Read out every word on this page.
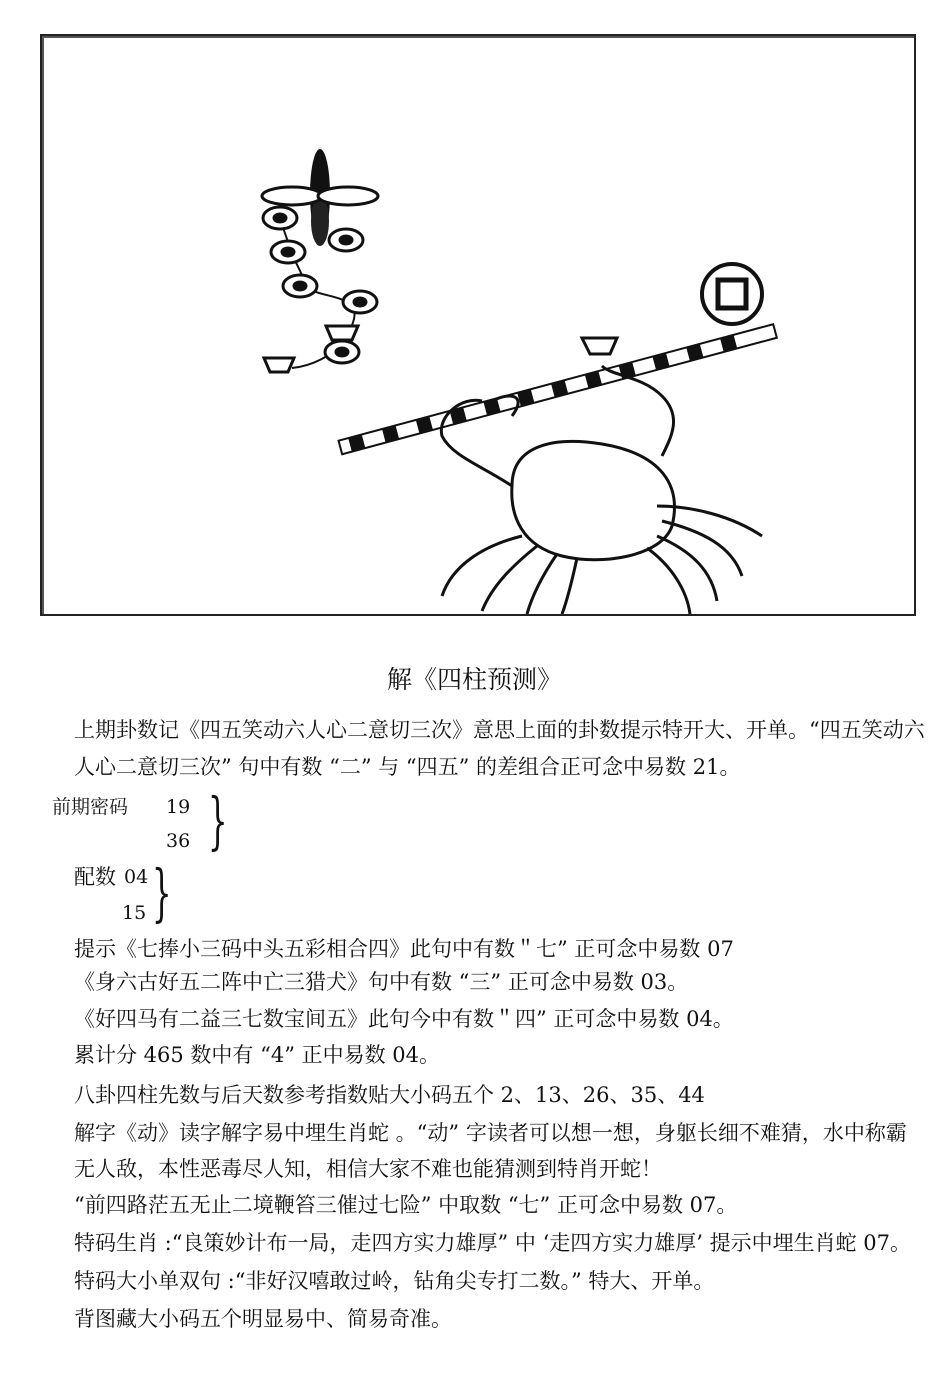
解《四柱预测》
上期卦数记《四五笑动六人心二意切三次》意思上面的卦数提示特开大、开单。“四五笑动六
人心二意切三次” 句中有数 “二” 与 “四五” 的差组合正可念中易数 21。
前期密码 19
36 }
配数 04
15 }
提示《七捧小三码中头五彩相合四》此句中有数＂七” 正可念中易数 07
《身六古好五二阵中亡三猎犬》句中有数 “三” 正可念中易数 03。
《好四马有二益三七数宝间五》此句今中有数＂四” 正可念中易数 04。
累计分 465 数中有 “4” 正中易数 04。
八卦四柱先数与后天数参考指数贴大小码五个 2、13、26、35、44
解字《动》读字解字易中埋生肖蛇 。“动” 字读者可以想一想，身躯长细不难猜，水中称霸
无人敌，本性恶毒尽人知，相信大家不难也能猜测到特肖开蛇！
“前四路茫五无止二境鞭笞三催过七险” 中取数 “七” 正可念中易数 07。
特码生肖 :“良策妙计布一局，走四方实力雄厚” 中 ‘走四方实力雄厚’ 提示中埋生肖蛇 07。
特码大小单双句 :“非好汉嘻敢过岭，钻角尖专打二数。” 特大、开单。
背图藏大小码五个明显易中、简易奇准。
